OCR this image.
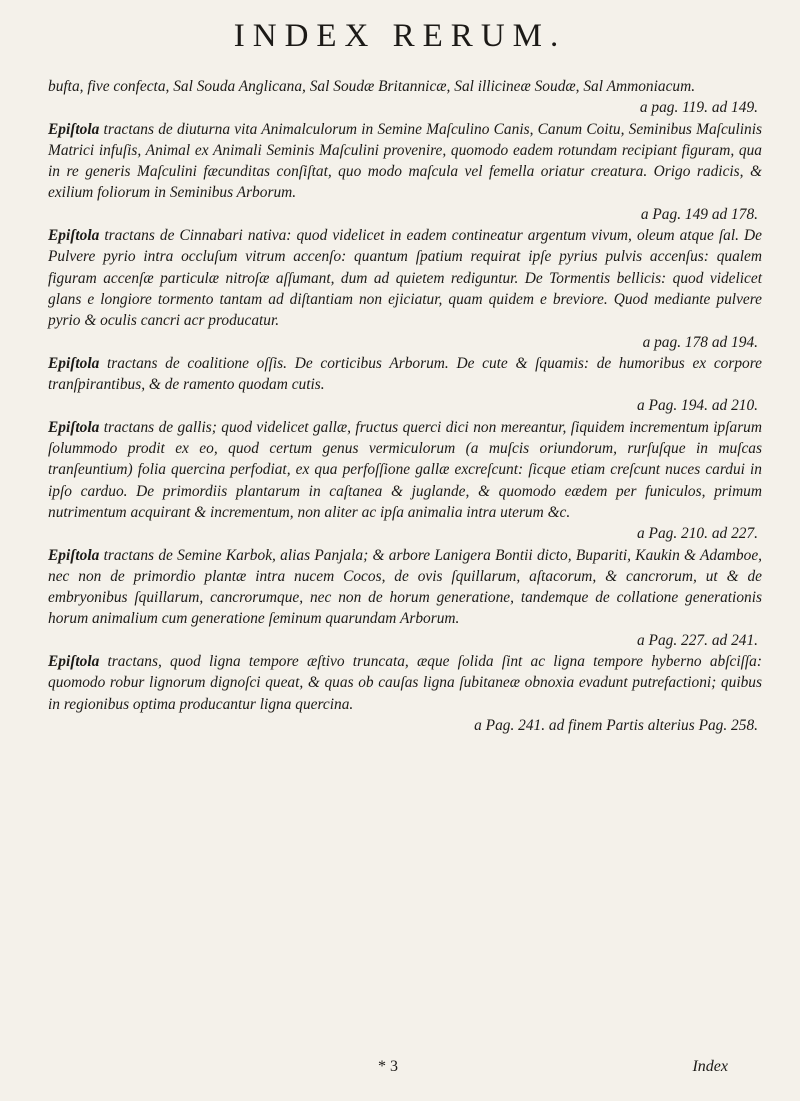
INDEX RERUM.

bufta, five confecta, Sal Souda Anglicana, Sal Soudæ Britannicæ, Sal illicineæ Soudæ, Sal Ammoniacum.
a pag. 119. ad 149.

Epiſtola tractans de diuturna vita Animalculorum in Semine Maſculino Canis, Canum Coitu, Seminibus Maſculinis Matrici infuſis, Animal ex Animali Seminis Maſculini provenire, quomodo eadem rotundam recipiant figuram, qua in re generis Maſculini fæcunditas conſiſtat, quo modo maſcula vel femella oriatur creatura. Origo radicis, & exilium foliorum in Seminibus Arborum.
a Pag. 149 ad 178.

Epiſtola tractans de Cinnabari nativa: quod videlicet in eadem contineatur argentum vivum, oleum atque ſal. De Pulvere pyrio intra occluſum vitrum accenſo: quantum ſpatium requirat ipſe pyrius pulvis accenſus: qualem figuram accenſæ particulæ nitroſæ aſſumant, dum ad quietem rediguntur. De Tormentis bellicis: quod videlicet glans e longiore tormento tantam ad diſtantiam non ejiciatur, quam quidem e breviore. Quod mediante pulvere pyrio & oculis cancri acr producatur.
a pag. 178 ad 194.

Epiſtola tractans de coalitione oſſis. De corticibus Arborum. De cute & ſquamis: de humoribus ex corpore tranſpirantibus, & de ramento quodam cutis.
a Pag. 194. ad 210.

Epiſtola tractans de gallis; quod videlicet gallæ, fructus querci dici non mereantur, ſiquidem incrementum ipſarum ſolummodo prodit ex eo, quod certum genus vermiculorum (a muſcis oriundorum, rurſuſque in muſcas tranſeuntium) folia quercina perfodiat, ex qua perfoſſione gallæ excreſcunt: ſicque etiam creſcunt nuces cardui in ipſo carduo. De primordiis plantarum in caſtanea & juglande, & quomodo eædem per funiculos, primum nutrimentum acquirant & incrementum, non aliter ac ipſa animalia intra uterum &c.
a Pag. 210. ad 227.

Epiſtola tractans de Semine Karbok, alias Panjala; & arbore Lanigera Bontii dicto, Bupariti, Kaukin & Adamboe, nec non de primordio plantæ intra nucem Cocos, de ovis ſquillarum, aſtacorum, & cancrorum, ut & de embryonibus ſquillarum, cancrorumque, nec non de horum generatione, tandemque de collatione generationis horum animalium cum generatione ſeminum quarundam Arborum.
a Pag. 227. ad 241.

Epiſtola tractans, quod ligna tempore æſtivo truncata, æque ſolida ſint ac ligna tempore hyberno abſciſſa: quomodo robur lignorum dignoſci queat, & quas ob cauſas ligna ſubitaneæ obnoxia evadunt putrefactioni; quibus in regionibus optima producantur ligna quercina.
a Pag. 241. ad finem Partis alterius Pag. 258.

* 3	Index
